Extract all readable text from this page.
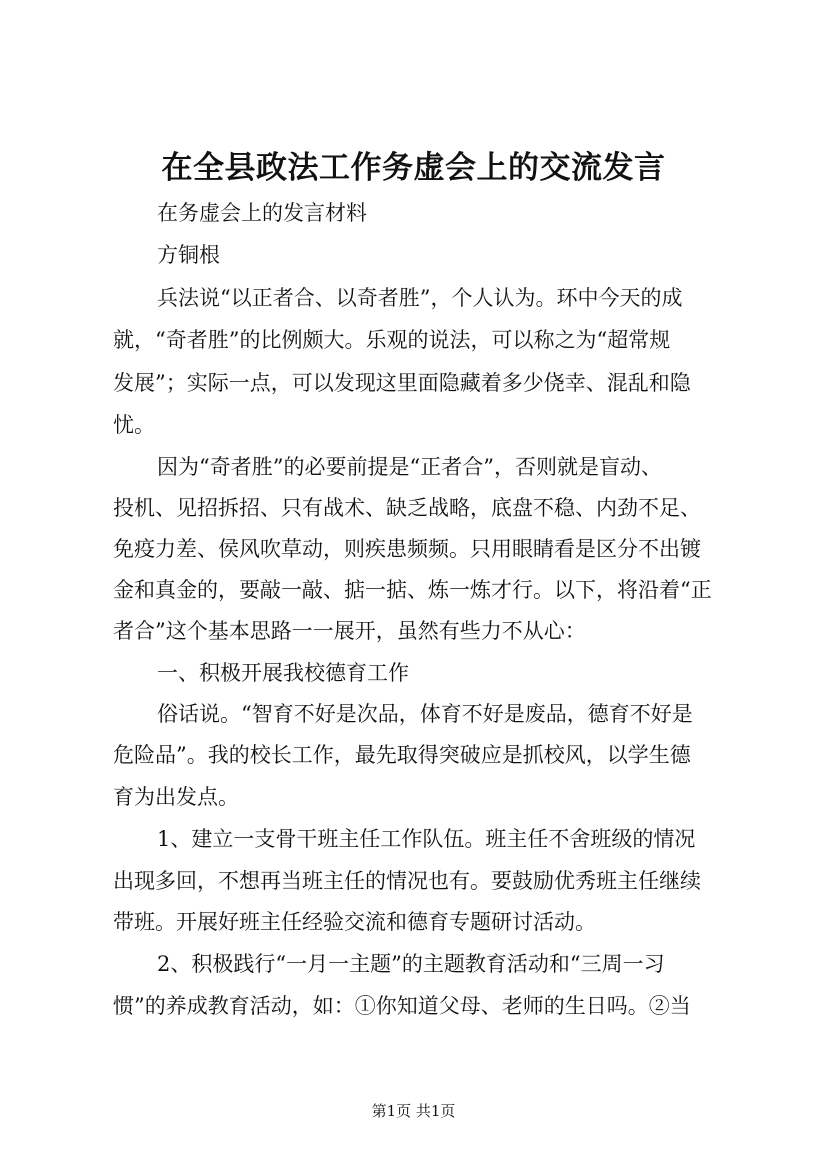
在全县政法工作务虚会上的交流发言
在务虚会上的发言材料
方铜根
兵法说“以正者合、以奇者胜”，个人认为。环中今天的成
就，“奇者胜”的比例颇大。乐观的说法，可以称之为“超常规
发展”；实际一点，可以发现这里面隐藏着多少侥幸、混乱和隐
忧。
因为“奇者胜”的必要前提是“正者合”，否则就是盲动、
投机、见招拆招、只有战术、缺乏战略，底盘不稳、内劲不足、
免疫力差、侯风吹草动，则疾患频频。只用眼睛看是区分不出镀
金和真金的，要敲一敲、掂一掂、炼一炼才行。以下，将沿着“正
者合”这个基本思路一一展开，虽然有些力不从心：
一、积极开展我校德育工作
俗话说。“智育不好是次品，体育不好是废品，德育不好是
危险品”。我的校长工作，最先取得突破应是抓校风，以学生德
育为出发点。
1、建立一支骨干班主任工作队伍。班主任不舍班级的情况
出现多回，不想再当班主任的情况也有。要鼓励优秀班主任继续
带班。开展好班主任经验交流和德育专题研讨活动。
2、积极践行“一月一主题”的主题教育活动和“三周一习
惯”的养成教育活动，如：①你知道父母、老师的生日吗。②当
第1页 共1页
